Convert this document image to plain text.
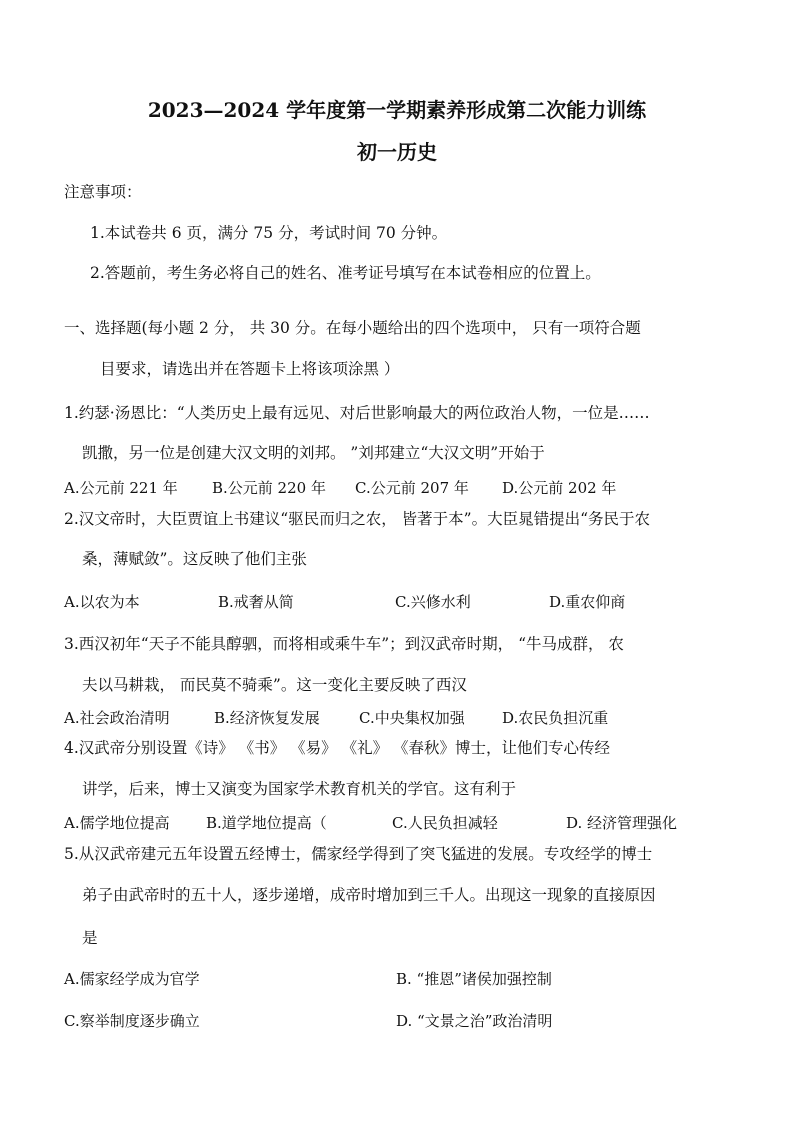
2023—2024 学年度第一学期素养形成第二次能力训练
初一历史
注意事项：
1.本试卷共 6 页，满分 75 分，考试时间 70 分钟。
2.答题前，考生务必将自己的姓名、准考证号填写在本试卷相应的位置上。
一、选择题(每小题 2 分， 共 30 分。在每小题给出的四个选项中， 只有一项符合题
目要求，请选出并在答题卡上将该项涂黑 ）
1.约瑟·汤恩比：“人类历史上最有远见、对后世影响最大的两位政治人物，一位是……
凯撒，另一位是创建大汉文明的刘邦。 ”刘邦建立“大汉文明”开始于
A.公元前 221 年 B.公元前 220 年 C.公元前 207 年 D.公元前 202 年
2.汉文帝时，大臣贾谊上书建议“驱民而归之农， 皆著于本”。大臣晁错提出“务民于农
桑，薄赋敛”。这反映了他们主张
A.以农为本	B.戒奢从简	C.兴修水利	D.重农仰商
3.西汉初年“天子不能具醇驷，而将相或乘牛车”；到汉武帝时期， “牛马成群， 农
夫以马耕栽， 而民莫不骑乘”。这一变化主要反映了西汉
A.社会政治清明	B.经济恢复发展	C.中央集权加强 D.农民负担沉重
4.汉武帝分别设置《诗》 《书》 《易》 《礼》 《春秋》博士，让他们专心传经
讲学，后来，博士又演变为国家学术教育机关的学官。这有利于
A.儒学地位提高 B.道学地位提高（	C.人民负担减轻	D. 经济管理强化
5.从汉武帝建元五年设置五经博士，儒家经学得到了突飞猛进的发展。专攻经学的博士
弟子由武帝时的五十人，逐步递增，成帝时增加到三千人。出现这一现象的直接原因
是
A.儒家经学成为官学	B. “推恩”诸侯加强控制
C.察举制度逐步确立	D. “文景之治”政治清明
